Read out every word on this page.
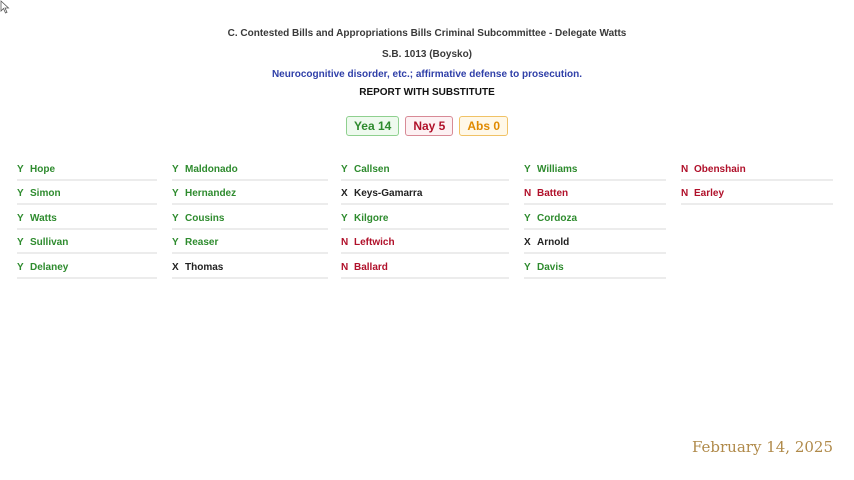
C. Contested Bills and Appropriations Bills Criminal Subcommittee - Delegate Watts
S.B. 1013 (Boysko)
Neurocognitive disorder, etc.; affirmative defense to prosecution.
REPORT WITH SUBSTITUTE
Yea 14	Nay 5	Abs 0
Y Hope
Y Simon
Y Watts
Y Sullivan
Y Delaney
Y Maldonado
Y Hernandez
Y Cousins
Y Reaser
X Thomas
Y Callsen
X Keys-Gamarra
Y Kilgore
N Leftwich
N Ballard
Y Williams
N Batten
Y Cordoza
X Arnold
Y Davis
N Obenshain
N Earley
February 14, 2025
